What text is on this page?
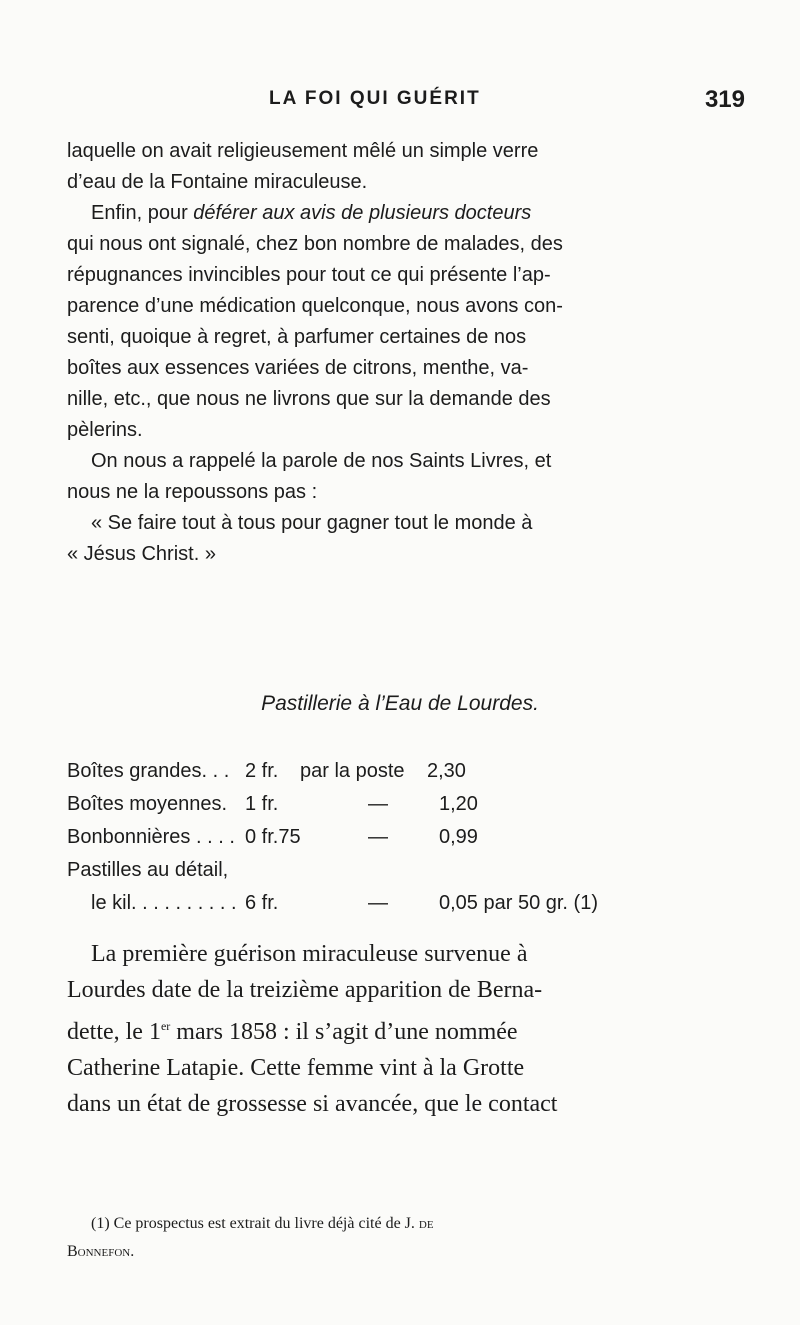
LA FOI QUI GUÉRIT	319
laquelle on avait religieusement mêlé un simple verre
d’eau de la Fontaine miraculeuse.
Enfin, pour déférer aux avis de plusieurs docteurs
qui nous ont signalé, chez bon nombre de malades, des
répugnances invincibles pour tout ce qui présente l’ap-
parence d’une médication quelconque, nous avons con-
senti, quoique à regret, à parfumer certaines de nos
boîtes aux essences variées de citrons, menthe, va-
nille, etc., que nous ne livrons que sur la demande des
pèlerins.
On nous a rappelé la parole de nos Saints Livres, et
nous ne la repoussons pas :
« Se faire tout à tous pour gagner tout le monde à
« Jésus Christ. »
Pastillerie à l’Eau de Lourdes.
Boîtes grandes. . . 2 fr. par la poste 2,30
Boîtes moyennes. 1 fr.	—	1,20
Bonbonnières . . . . 0 fr.75	—	0,99
Pastilles au détail,
le kil. . . . . . . . . . 6 fr.	—	0,05 par 50 gr. (1)
La première guérison miraculeuse survenue à
Lourdes date de la treizième apparition de Berna-
dette, le 1er mars 1858 : il s’agit d’une nommée
Catherine Latapie. Cette femme vint à la Grotte
dans un état de grossesse si avancée, que le contact
(1) Ce prospectus est extrait du livre déjà cité de J. de
Bonnefon.
